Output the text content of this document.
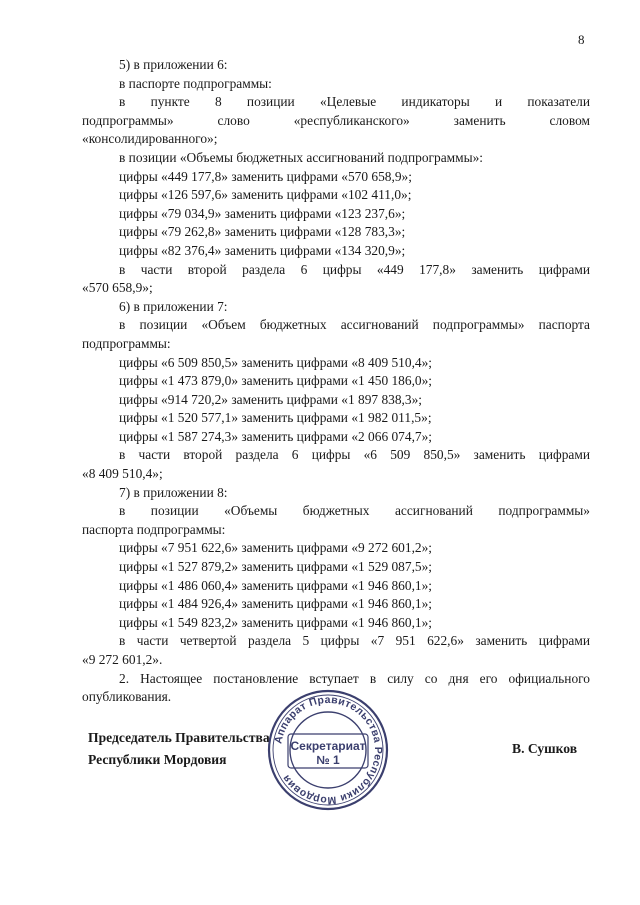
8

5) в приложении 6:

в паспорте подпрограммы:

в пункте 8 позиции «Целевые индикаторы и показатели

подпрограммы» слово «республиканского» заменить словом

«консолидированного»;

в позиции «Объемы бюджетных ассигнований подпрограммы»:

цифры «449 177,8» заменить цифрами «570 658,9»;

цифры «126 597,6» заменить цифрами «102 411,0»;

цифры «79 034,9» заменить цифрами «123 237,6»;

цифры «79 262,8» заменить цифрами «128 783,3»;

цифры «82 376,4» заменить цифрами «134 320,9»;

в части второй раздела 6 цифры «449 177,8» заменить цифрами

«570 658,9»;

6) в приложении 7:

в позиции «Объем бюджетных ассигнований подпрограммы» паспорта

подпрограммы:

цифры «6 509 850,5» заменить цифрами «8 409 510,4»;

цифры «1 473 879,0» заменить цифрами «1 450 186,0»;

цифры «914 720,2» заменить цифрами «1 897 838,3»;

цифры «1 520 577,1» заменить цифрами «1 982 011,5»;

цифры «1 587 274,3» заменить цифрами «2 066 074,7»;

в части второй раздела 6 цифры «6 509 850,5» заменить цифрами

«8 409 510,4»;

7) в приложении 8:

в позиции «Объемы бюджетных ассигнований подпрограммы»

паспорта подпрограммы:

цифры «7 951 622,6» заменить цифрами «9 272 601,2»;

цифры «1 527 879,2» заменить цифрами «1 529 087,5»;

цифры «1 486 060,4» заменить цифрами «1 946 860,1»;

цифры «1 484 926,4» заменить цифрами «1 946 860,1»;

цифры «1 549 823,2» заменить цифрами «1 946 860,1»;

в части четвертой раздела 5 цифры «7 951 622,6» заменить цифрами

«9 272 601,2».

2. Настоящее постановление вступает в силу со дня его официального

опубликования.

Председатель Правительства
Республики Мордовия
В. Сушков
Аппарат Правительства Республики Мордовия
Секретариат
№ 1
